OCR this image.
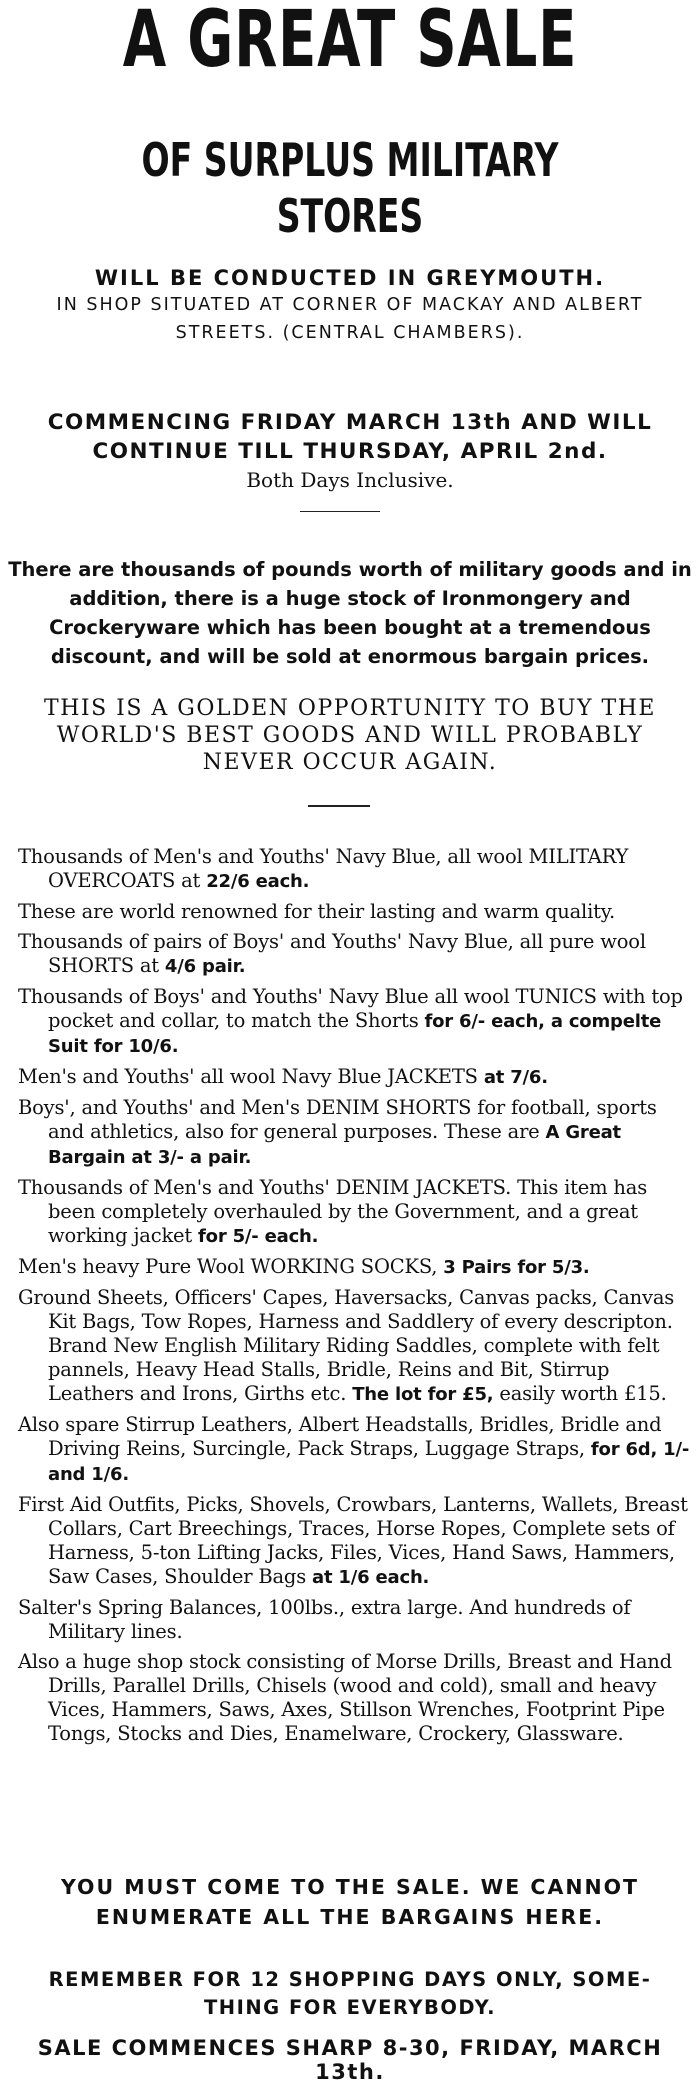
A GREAT SALE
OF SURPLUS MILITARY
STORES
WILL BE CONDUCTED IN GREYMOUTH.
IN SHOP SITUATED AT CORNER OF MACKAY AND ALBERT
STREETS. (CENTRAL CHAMBERS).
COMMENCING FRIDAY MARCH 13th AND WILL
CONTINUE TILL THURSDAY, APRIL 2nd.
Both Days Inclusive.
There are thousands of pounds worth of military goods and in addition, there is a huge stock of Ironmongery and Crockeryware which has been bought at a tremendous discount, and will be sold at enormous bargain prices.
THIS IS A GOLDEN OPPORTUNITY TO BUY THE WORLD'S BEST GOODS AND WILL PROBABLY NEVER OCCUR AGAIN.

Thousands of Men's and Youths' Navy Blue, all wool MILITARY OVERCOATS at 22/6 each.

These are world renowned for their lasting and warm quality.

Thousands of pairs of Boys' and Youths' Navy Blue, all pure wool SHORTS at 4/6 pair.

Thousands of Boys' and Youths' Navy Blue all wool TUNICS with top pocket and collar, to match the Shorts for 6/- each, a compelte Suit for 10/6.

Men's and Youths' all wool Navy Blue JACKETS at 7/6.

Boys', and Youths' and Men's DENIM SHORTS for football, sports and athletics, also for general purposes. These are A Great Bargain at 3/- a pair.

Thousands of Men's and Youths' DENIM JACKETS. This item has been completely overhauled by the Government, and a great working jacket for 5/- each.

Men's heavy Pure Wool WORKING SOCKS, 3 Pairs for 5/3.

Ground Sheets, Officers' Capes, Haversacks, Canvas packs, Canvas Kit Bags, Tow Ropes, Harness and Saddlery of every descripton. Brand New English Military Riding Saddles, complete with felt pannels, Heavy Head Stalls, Bridle, Reins and Bit, Stirrup Leathers and Irons, Girths etc. The lot for £5, easily worth £15.

Also spare Stirrup Leathers, Albert Headstalls, Bridles, Bridle and Driving Reins, Surcingle, Pack Straps, Luggage Straps, for 6d, 1/- and 1/6.

First Aid Outfits, Picks, Shovels, Crowbars, Lanterns, Wallets, Breast Collars, Cart Breechings, Traces, Horse Ropes, Complete sets of Harness, 5-ton Lifting Jacks, Files, Vices, Hand Saws, Hammers, Saw Cases, Shoulder Bags at 1/6 each.

Salter's Spring Balances, 100lbs., extra large. And hundreds of Military lines.

Also a huge shop stock consisting of Morse Drills, Breast and Hand Drills, Parallel Drills, Chisels (wood and cold), small and heavy Vices, Hammers, Saws, Axes, Stillson Wrenches, Footprint Pipe Tongs, Stocks and Dies, Enamelware, Crockery, Glassware.

YOU MUST COME TO THE SALE. WE CANNOT
ENUMERATE ALL THE BARGAINS HERE.
REMEMBER FOR 12 SHOPPING DAYS ONLY, SOME-
THING FOR EVERYBODY.
SALE COMMENCES SHARP 8-30, FRIDAY, MARCH 13th.
